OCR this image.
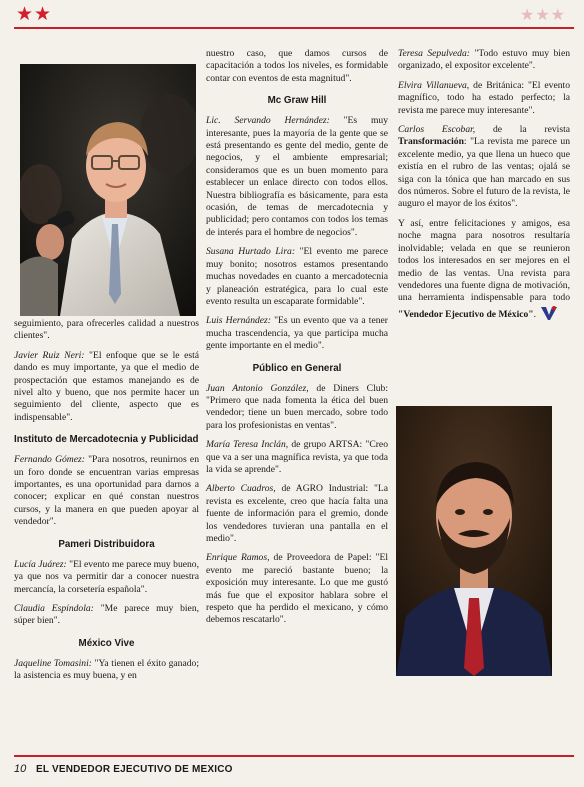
★★	★★★

seguimiento, para ofrecerles calidad a nuestros clientes".

Javier Ruiz Neri: "El enfoque que se le está dando es muy importante, ya que el medio de prospectación que estamos manejando es de nivel alto y bueno, que nos permite hacer un seguimiento del cliente, aspecto que es indispensable".

Instituto de Mercadotecnia y Publicidad

Fernando Gómez: "Para nosotros, reunirnos en un foro donde se encuentran varias empresas importantes, es una oportunidad para darnos a conocer; explicar en qué constan nuestros cursos, y la manera en que pueden apoyar al vendedor".

Pameri Distribuidora

Lucía Juárez: "El evento me parece muy bueno, ya que nos va permitir dar a conocer nuestra mercancía, la corsetería española".

Claudia Espíndola: "Me parece muy bien, súper bien".

México Vive

Jaqueline Tomasini: "Ya tienen el éxito ganado; la asistencia es muy buena, y en

nuestro caso, que damos cursos de capacitación a todos los niveles, es formidable contar con eventos de esta magnitud".

Mc Graw Hill

Lic. Servando Hernández: "Es muy interesante, pues la mayoría de la gente que se está presentando es gente del medio, gente de negocios, y el ambiente empresarial; consideramos que es un buen momento para establecer un enlace directo con todos ellos. Nuestra bibliografía es básicamente, para esta ocasión, de temas de mercadotecnia y publicidad; pero contamos con todos los temas de interés para el hombre de negocios".

Susana Hurtado Lira: "El evento me parece muy bonito; nosotros estamos presentando muchas novedades en cuanto a mercadotecnia y planeación estratégica, para lo cual este evento resulta un escaparate formidable".

Luis Hernández: "Es un evento que va a tener mucha trascendencia, ya que participa mucha gente importante en el medio".

Público en General

Juan Antonio González, de Diners Club: "Primero que nada fomenta la ética del buen vendedor; tiene un buen mercado, sobre todo para los profesionistas en ventas".

María Teresa Inclán, de grupo ARTSA: "Creo que va a ser una magnífica revista, ya que toda la vida se aprende".

Alberto Cuadros, de AGRO Industrial: "La revista es excelente, creo que hacía falta una fuente de información para el gremio, donde los vendedores tuvieran una pantalla en el medio".

Enrique Ramos, de Proveedora de Papel: "El evento me pareció bastante bueno; la exposición muy interesante. Lo que me gustó más fue que el expositor hablara sobre el respeto que ha perdido el mexicano, y cómo debemos rescatarlo".

Teresa Sepulveda: "Todo estuvo muy bien organizado, el expositor excelente".

Elvira Villanueva, de Británica: "El evento magnífico, todo ha estado perfecto; la revista me parece muy interesante".

Carlos Escobar, de la revista Transformación: "La revista me parece un excelente medio, ya que llena un hueco que existía en el rubro de las ventas; ojalá se siga con la tónica que han marcado en sus dos números. Sobre el futuro de la revista, le auguro el mayor de los éxitos".

Y así, entre felicitaciones y amigos, esa noche magna para nosotros resultaría inolvidable; velada en que se reunieron todos los interesados en ser mejores en el medio de las ventas. Una revista para vendedores una fuente digna de motivación, una herramienta indispensable para todo "Vendedor Ejecutivo de México".

10 EL VENDEDOR EJECUTIVO DE MEXICO
